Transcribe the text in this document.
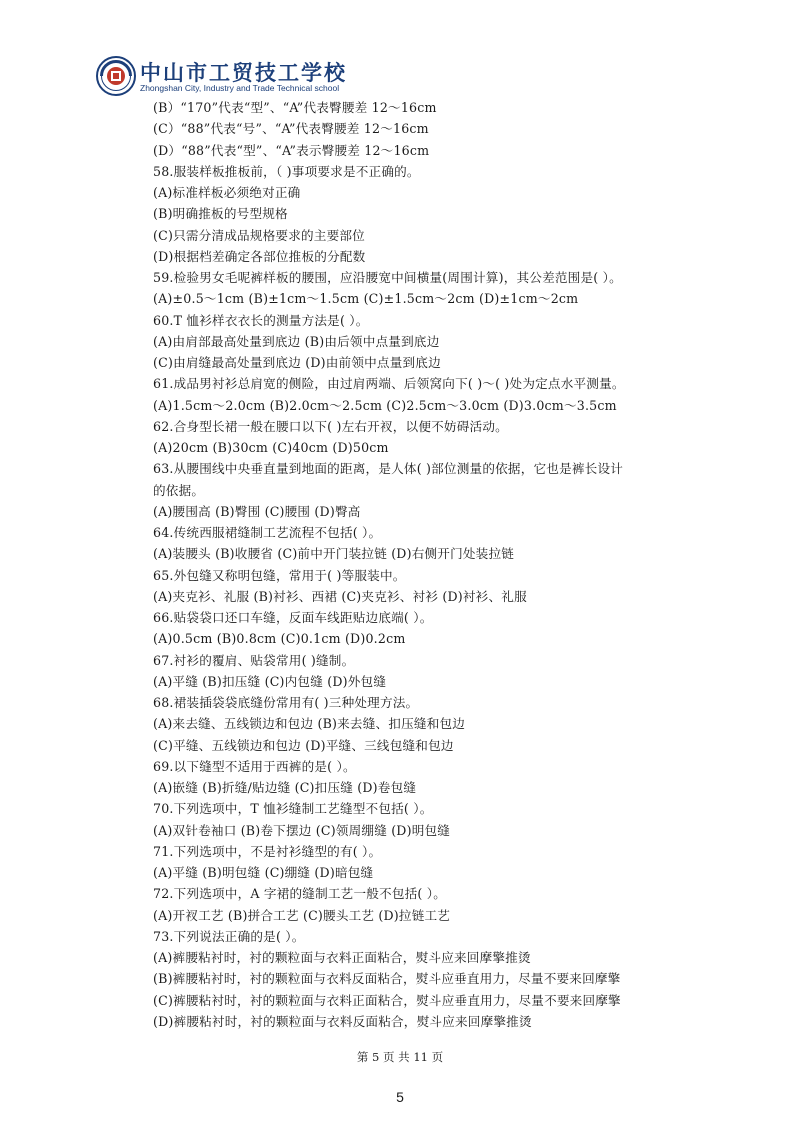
中山市工贸技工学校
Zhongshan City, Industry and Trade Technical school
(B）“170”代表“型”、“A”代表臀腰差 12～16cm
(C）“88”代表“号”、“A”代表臀腰差 12～16cm
(D）“88”代表“型”、“A”表示臀腰差 12～16cm
58.服装样板推板前，（ )事项要求是不正确的。
(A)标准样板必须绝对正确
(B)明确推板的号型规格
(C)只需分清成品规格要求的主要部位
(D)根据档差确定各部位推板的分配数
59.检验男女毛呢裤样板的腰围，应沿腰宽中间横量(周围计算)，其公差范围是( ）。
(A)±0.5～1cm (B)±1cm～1.5cm (C)±1.5cm～2cm (D)±1cm～2cm
60.T 恤衫样衣衣长的测量方法是( ）。
(A)由肩部最高处量到底边 (B)由后领中点量到底边
(C)由肩缝最高处量到底边 (D)由前领中点量到底边
61.成品男衬衫总肩宽的侧险，由过肩两端、后领窝向下( )～( )处为定点水平测量。
(A)1.5cm～2.0cm (B)2.0cm～2.5cm (C)2.5cm～3.0cm (D)3.0cm～3.5cm
62.合身型长裙一般在腰口以下( )左右开衩，以便不妨碍活动。
(A)20cm (B)30cm (C)40cm (D)50cm
63.从腰围线中央垂直量到地面的距离，是人体( )部位测量的依据，它也是裤长设计
的依据。
(A)腰围高 (B)臀围 (C)腰围 (D)臀高
64.传统西服裙缝制工艺流程不包括( ）。
(A)装腰头 (B)收腰省 (C)前中开门装拉链 (D)右侧开门处装拉链
65.外包缝又称明包缝，常用于( )等服装中。
(A)夹克衫、礼服 (B)衬衫、西裙 (C)夹克衫、衬衫 (D)衬衫、礼服
66.贴袋袋口还口车缝，反面车线距贴边底端( ）。
(A)0.5cm (B)0.8cm (C)0.1cm (D)0.2cm
67.衬衫的覆肩、贴袋常用( )缝制。
(A)平缝 (B)扣压缝 (C)内包缝 (D)外包缝
68.裙装插袋袋底缝份常用有( )三种处理方法。
(A)来去缝、五线锁边和包边 (B)来去缝、扣压缝和包边
(C)平缝、五线锁边和包边 (D)平缝、三线包缝和包边
69.以下缝型不适用于西裤的是( ）。
(A)嵌缝 (B)折缝/贴边缝 (C)扣压缝 (D)卷包缝
70.下列选项中，T 恤衫缝制工艺缝型不包括( ）。
(A)双针卷袖口 (B)卷下摆边 (C)领周绷缝 (D)明包缝
71.下列选项中，不是衬衫缝型的有( ）。
(A)平缝 (B)明包缝 (C)绷缝 (D)暗包缝
72.下列选项中，A 字裙的缝制工艺一般不包括( ）。
(A)开衩工艺 (B)拼合工艺 (C)腰头工艺 (D)拉链工艺
73.下列说法正确的是( ）。
(A)裤腰粘衬时，衬的颗粒面与衣料正面粘合，熨斗应来回摩擎推烫
(B)裤腰粘衬时，衬的颗粒面与衣料反面粘合，熨斗应垂直用力，尽量不要来回摩擎
(C)裤腰粘衬时，衬的颗粒面与衣料正面粘合，熨斗应垂直用力，尽量不要来回摩擎
(D)裤腰粘衬时，衬的颗粒面与衣料反面粘合，熨斗应来回摩擎推烫
第 5 页 共 11 页
5
